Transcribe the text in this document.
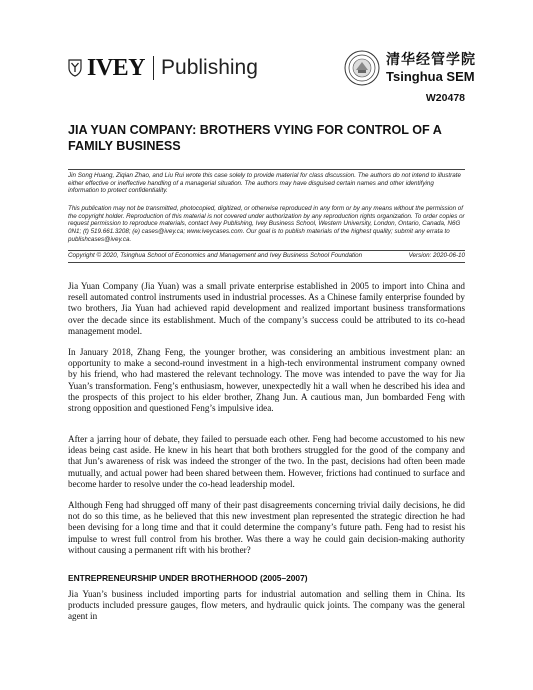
IVEY Publishing	清华经管学院
Tsinghua SEM
W20478
JIA YUAN COMPANY: BROTHERS VYING FOR CONTROL OF A
FAMILY BUSINESS
Jin Song Huang, Ziqian Zhao, and Liu Rui wrote this case solely to provide material for class discussion. The authors do not intend to illustrate either effective or ineffective handling of a managerial situation. The authors may have disguised certain names and other identifying information to protect confidentiality.
This publication may not be transmitted, photocopied, digitized, or otherwise reproduced in any form or by any means without the permission of the copyright holder. Reproduction of this material is not covered under authorization by any reproduction rights organization. To order copies or request permission to reproduce materials, contact Ivey Publishing, Ivey Business School, Western University, London, Ontario, Canada, N6G 0N1; (t) 519.661.3208; (e) cases@ivey.ca; www.iveycases.com. Our goal is to publish materials of the highest quality; submit any errata to publishcases@ivey.ca.
Copyright © 2020, Tsinghua School of Economics and Management and Ivey Business School Foundation	Version: 2020-06-10
Jia Yuan Company (Jia Yuan) was a small private enterprise established in 2005 to import into China and resell automated control instruments used in industrial processes. As a Chinese family enterprise founded by two brothers, Jia Yuan had achieved rapid development and realized important business transformations over the decade since its establishment. Much of the company’s success could be attributed to its co-head management model.
In January 2018, Zhang Feng, the younger brother, was considering an ambitious investment plan: an opportunity to make a second-round investment in a high-tech environmental instrument company owned by his friend, who had mastered the relevant technology. The move was intended to pave the way for Jia Yuan’s transformation. Feng’s enthusiasm, however, unexpectedly hit a wall when he described his idea and the prospects of this project to his elder brother, Zhang Jun. A cautious man, Jun bombarded Feng with strong opposition and questioned Feng’s impulsive idea.
After a jarring hour of debate, they failed to persuade each other. Feng had become accustomed to his new ideas being cast aside. He knew in his heart that both brothers struggled for the good of the company and that Jun’s awareness of risk was indeed the stronger of the two. In the past, decisions had often been made mutually, and actual power had been shared between them. However, frictions had continued to surface and become harder to resolve under the co-head leadership model.
Although Feng had shrugged off many of their past disagreements concerning trivial daily decisions, he did not do so this time, as he believed that this new investment plan represented the strategic direction he had been devising for a long time and that it could determine the company’s future path. Feng had to resist his impulse to wrest full control from his brother. Was there a way he could gain decision-making authority without causing a permanent rift with his brother?
ENTREPRENEURSHIP UNDER BROTHERHOOD (2005–2007)
Jia Yuan’s business included importing parts for industrial automation and selling them in China. Its products included pressure gauges, flow meters, and hydraulic quick joints. The company was the general agent in
